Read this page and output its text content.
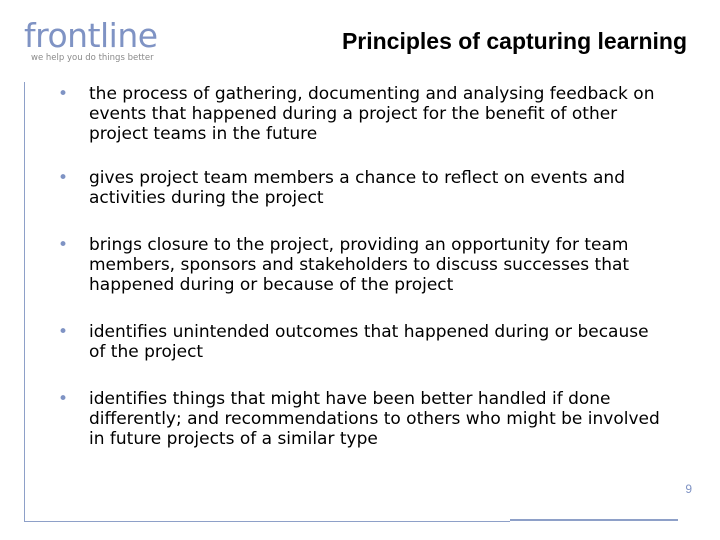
frontline
we help you do things better
Principles of capturing learning
• the process of gathering, documenting and analysing feedback on events that happened during a project for the benefit of other project teams in the future
• gives project team members a chance to reflect on events and activities during the project
• brings closure to the project, providing an opportunity for team members, sponsors and stakeholders to discuss successes that happened during or because of the project
• identifies unintended outcomes that happened during or because of the project
• identifies things that might have been better handled if done differently; and recommendations to others who might be involved in future projects of a similar type
9
